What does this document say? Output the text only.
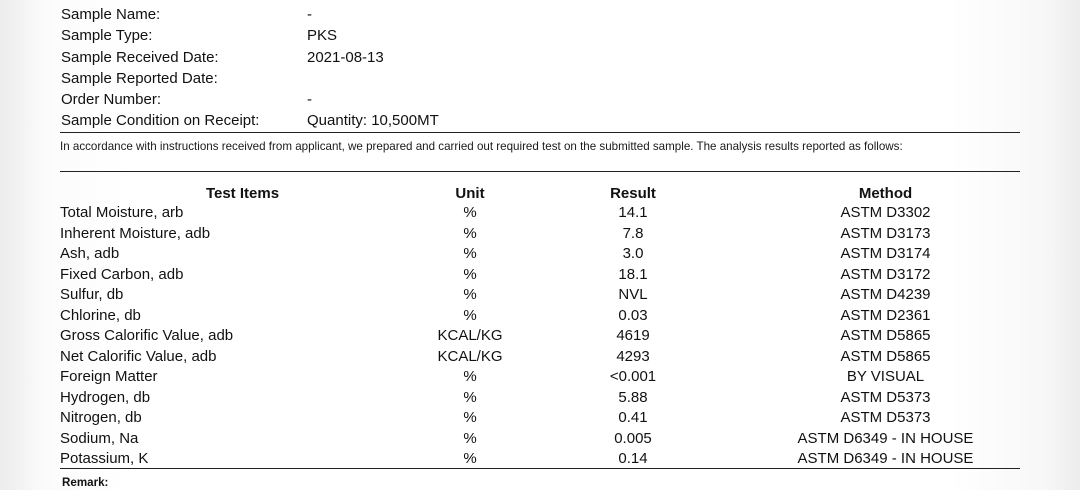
Sample Name:	-
Sample Type:	PKS
Sample Received Date:	2021-08-13
Sample Reported Date:
Order Number:	-
Sample Condition on Receipt:	Quantity: 10,500MT
In accordance with instructions received from applicant, we prepared and carried out required test on the submitted sample. The analysis results reported as follows:
Test Items	Unit	Result	Method
Total Moisture, arb	%	14.1	ASTM D3302
Inherent Moisture, adb	%	7.8	ASTM D3173
Ash, adb	%	3.0	ASTM D3174
Fixed Carbon, adb	%	18.1	ASTM D3172
Sulfur, db	%	NVL	ASTM D4239
Chlorine, db	%	0.03	ASTM D2361
Gross Calorific Value, adb	KCAL/KG	4619	ASTM D5865
Net Calorific Value, adb	KCAL/KG	4293	ASTM D5865
Foreign Matter	%	<0.001	BY VISUAL
Hydrogen, db	%	5.88	ASTM D5373
Nitrogen, db	%	0.41	ASTM D5373
Sodium, Na	%	0.005	ASTM D6349 - IN HOUSE
Potassium, K	%	0.14	ASTM D6349 - IN HOUSE
Remark:
